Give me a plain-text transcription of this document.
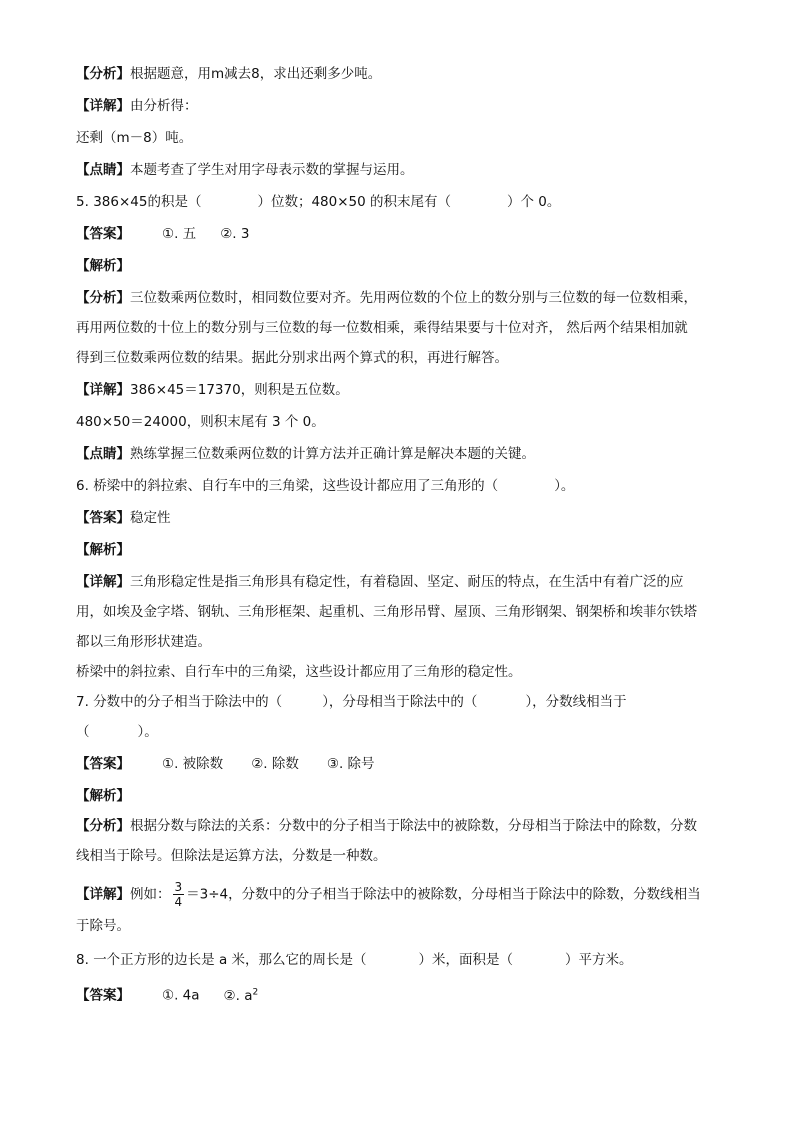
【分析】根据题意，用m减去8，求出还剩多少吨。
【详解】由分析得：
还剩（m－8）吨。
【点睛】本题考查了学生对用字母表示数的掌握与运用。
5. 386×45的积是（	）位数；480×50 的积末尾有（	）个 0。
【答案】 ①. 五 ②. 3
【解析】
【分析】三位数乘两位数时，相同数位要对齐。先用两位数的个位上的数分别与三位数的每一位数相乘，
再用两位数的十位上的数分别与三位数的每一位数相乘，乘得结果要与十位对齐， 然后两个结果相加就
得到三位数乘两位数的结果。据此分别求出两个算式的积，再进行解答。
【详解】386×45＝17370，则积是五位数。
480×50＝24000，则积末尾有 3 个 0。
【点睛】熟练掌握三位数乘两位数的计算方法并正确计算是解决本题的关键。
6. 桥梁中的斜拉索、自行车中的三角梁，这些设计都应用了三角形的（	）。
【答案】稳定性
【解析】
【详解】三角形稳定性是指三角形具有稳定性，有着稳固、坚定、耐压的特点，在生活中有着广泛的应
用，如埃及金字塔、钢轨、三角形框架、起重机、三角形吊臂、屋顶、三角形钢架、钢架桥和埃菲尔铁塔
都以三角形形状建造。
桥梁中的斜拉索、自行车中的三角梁，这些设计都应用了三角形的稳定性。
7. 分数中的分子相当于除法中的（	），分母相当于除法中的（	），分数线相当于
（	）。
【答案】 ①. 被除数 ②. 除数 ③. 除号
【解析】
【分析】根据分数与除法的关系：分数中的分子相当于除法中的被除数，分母相当于除法中的除数，分数
线相当于除号。但除法是运算方法，分数是一种数。
【详解】例如： $\frac{3}{4} =3\div 4$，分数中的分子相当于除法中的被除数，分母相当于除法中的除数，分数线相当
于除号。
8. 一个正方形的边长是 a 米，那么它的周长是（	）米，面积是（	）平方米。
【答案】 ①. 4a ②. $a^2$
